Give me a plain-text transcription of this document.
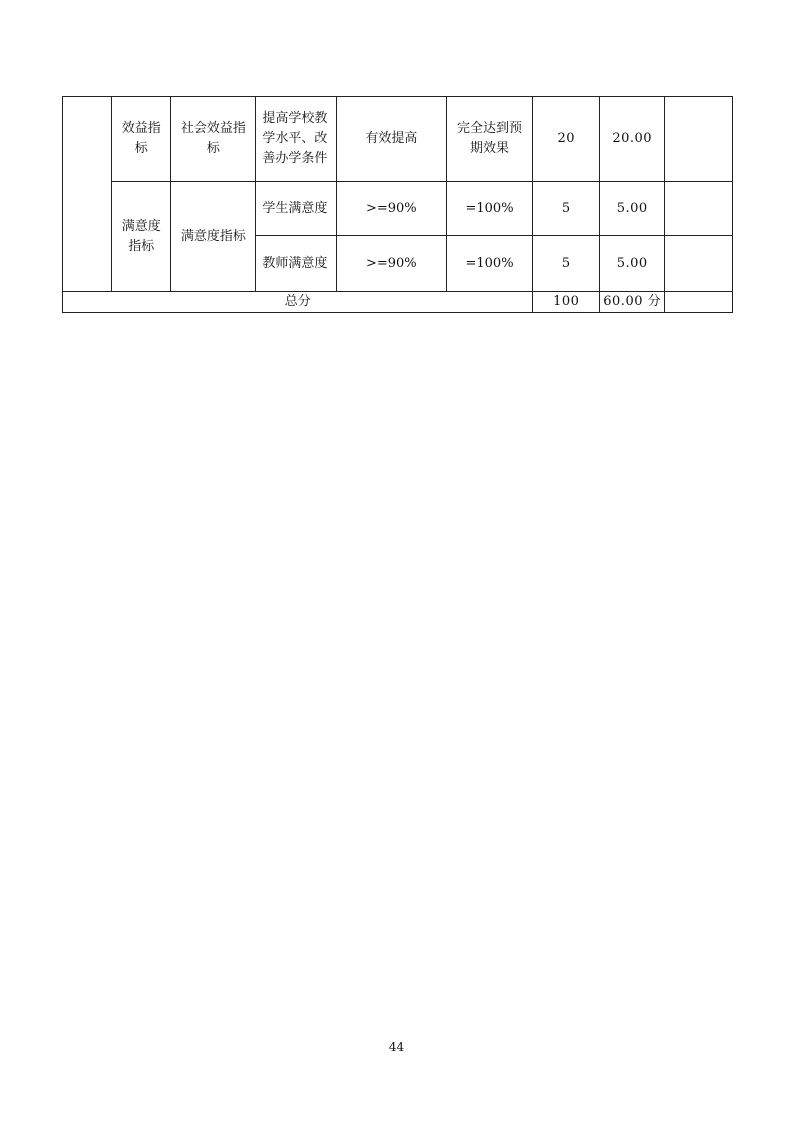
	效益指标	社会效益指标	提高学校教学水平、改善办学条件	有效提高	完全达到预期效果	20	20.00	
	满意度指标	满意度指标	学生满意度	>=90%	=100%	5	5.00	
			教师满意度	>=90%	=100%	5	5.00	
总分						100	60.00 分	
44
